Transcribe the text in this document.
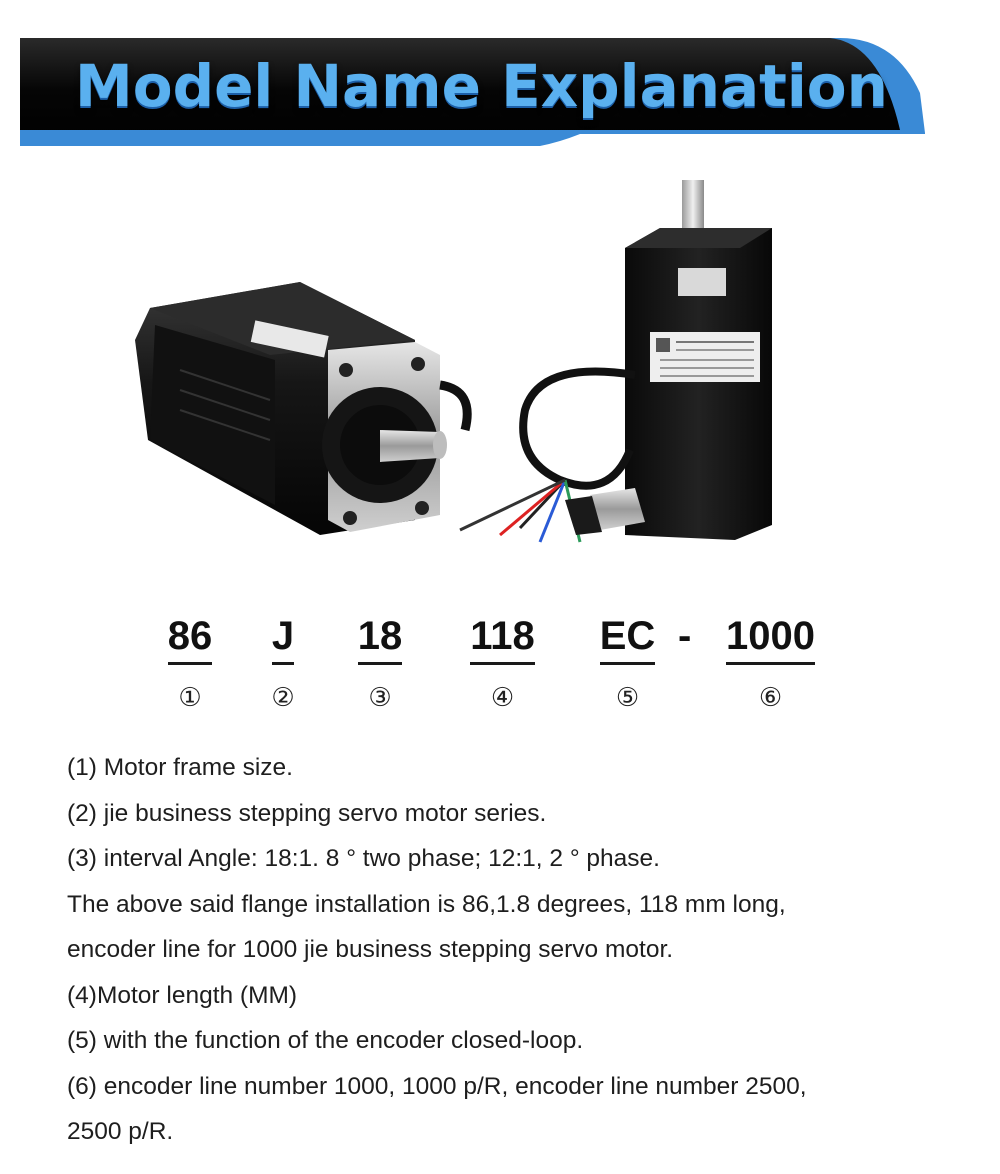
Model Name Explanation
86
①
J
②
18
③
118
④
EC
⑤
- 1000
⑥

(1) Motor frame size.

(2) jie business stepping servo motor series.

(3) interval Angle: 18:1. 8 ° two phase; 12:1, 2 ° phase.

The above said flange installation is 86,1.8 degrees, 118 mm long,

encoder line for 1000 jie business stepping servo motor.

(4)Motor length (MM)

(5) with the function of the encoder closed-loop.

(6) encoder line number 1000, 1000 p/R, encoder line number 2500,

2500 p/R.
